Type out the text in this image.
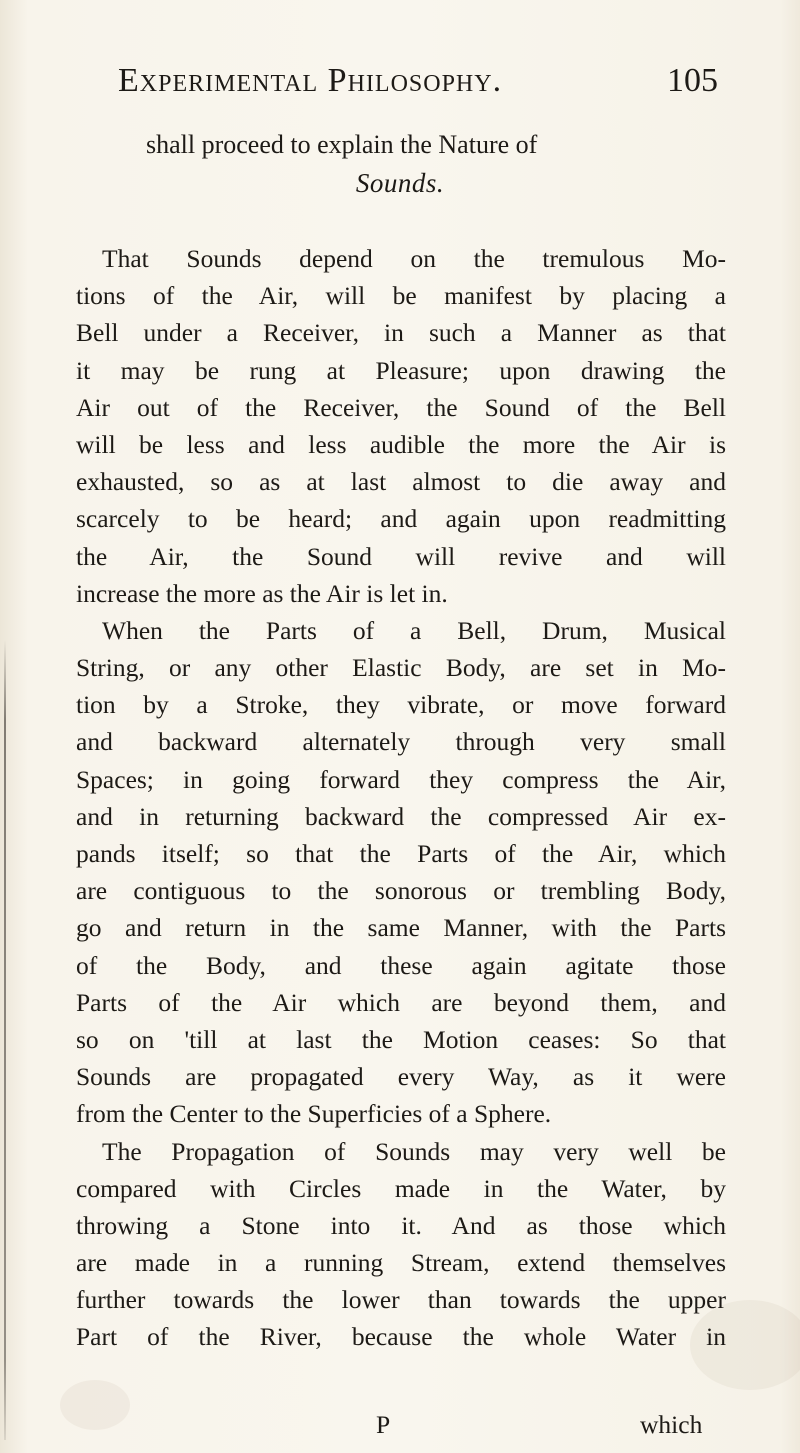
Experimental Philosophy.	105
shall proceed to explain the Nature of
Sounds.
That Sounds depend on the tremulous Mo-
tions of the Air, will be manifest by placing a
Bell under a Receiver, in such a Manner as that
it may be rung at Pleasure; upon drawing the
Air out of the Receiver, the Sound of the Bell
will be less and less audible the more the Air is
exhausted, so as at last almost to die away and
scarcely to be heard; and again upon readmitting
the Air, the Sound will revive and will
increase the more as the Air is let in.
When the Parts of a Bell, Drum, Musical
String, or any other Elastic Body, are set in Mo-
tion by a Stroke, they vibrate, or move forward
and backward alternately through very small
Spaces; in going forward they compress the Air,
and in returning backward the compressed Air ex-
pands itself; so that the Parts of the Air, which
are contiguous to the sonorous or trembling Body,
go and return in the same Manner, with the Parts
of the Body, and these again agitate those
Parts of the Air which are beyond them, and
so on 'till at last the Motion ceases: So that
Sounds are propagated every Way, as it were
from the Center to the Superficies of a Sphere.
The Propagation of Sounds may very well be
compared with Circles made in the Water, by
throwing a Stone into it. And as those which
are made in a running Stream, extend themselves
further towards the lower than towards the upper
Part of the River, because the whole Water in
P	which
